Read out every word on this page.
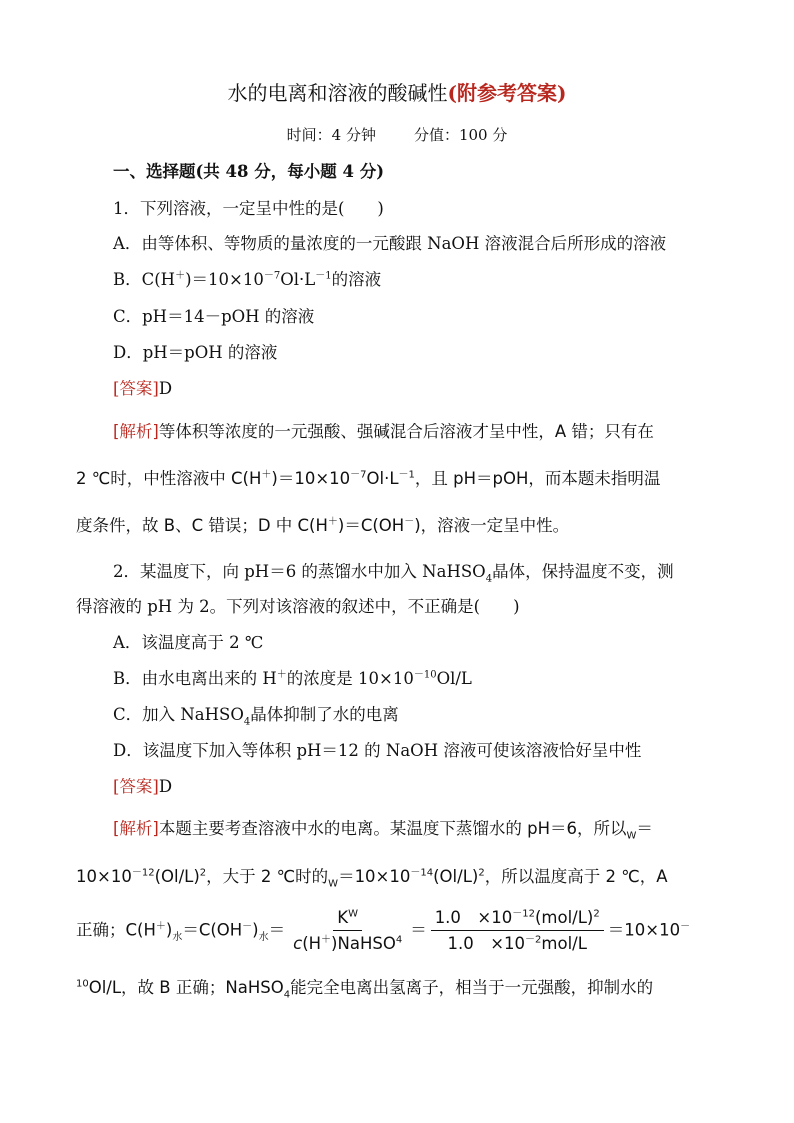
水的电离和溶液的酸碱性(附参考答案)
时间：4 分钟	分值：100 分
一、选择题(共 48 分，每小题 4 分)
1．下列溶液，一定呈中性的是(　　)
A．由等体积、等物质的量浓度的一元酸跟 NaOH 溶液混合后所形成的溶液
B．$C(H^+)=10\times 10^{-7}Ol\cdot L^{-1}$的溶液
C．pH＝14－pOH 的溶液
D．pH＝pOH 的溶液
[答案]D
[解析]等体积等浓度的一元强酸、强碱混合后溶液才呈中性，A 错；只有在
2 ℃时，中性溶液中 $C(H^+)=10\times 10^{-7}Ol\cdot L^{-1}$，且 pH＝pOH，而本题未指明温
度条件，故 B、C 错误；D 中 C(H＋)＝C(OH－)，溶液一定呈中性。
2．某温度下，向 pH＝6 的蒸馏水中加入 NaHSO$_4$晶体，保持温度不变，测
得溶液的 pH 为 2。下列对该溶液的叙述中，不正确是(　　)
A．该温度高于 2 ℃
B．由水电离出来的 H＋的浓度是 $10\times 10^{-10}Ol/L$
C．加入 NaHSO$_4$晶体抑制了水的电离
D．该温度下加入等体积 pH＝12 的 NaOH 溶液可使该溶液恰好呈中性
[答案]D
[解析]本题主要考查溶液中水的电离。某温度下蒸馏水的 pH＝6，所以$_W$＝
$10\times 10^{-12}(Ol/L)^2$，大于 2 ℃时的$_W=10\times 10^{-14}(Ol/L)^2$，所以温度高于 2 ℃，A
正确；$C(H^+)_水=C(OH^-)_水= \frac{K^W}{c(H^+)NaHSO^4} = \frac{1.0 \times 10^{-12}(mol/L)^2}{1.0 \times 10^{-2}mol/L} =10\times 10^-$
$^{10}$Ol/L，故 B 正确；NaHSO$_4$能完全电离出氢离子，相当于一元强酸，抑制水的
